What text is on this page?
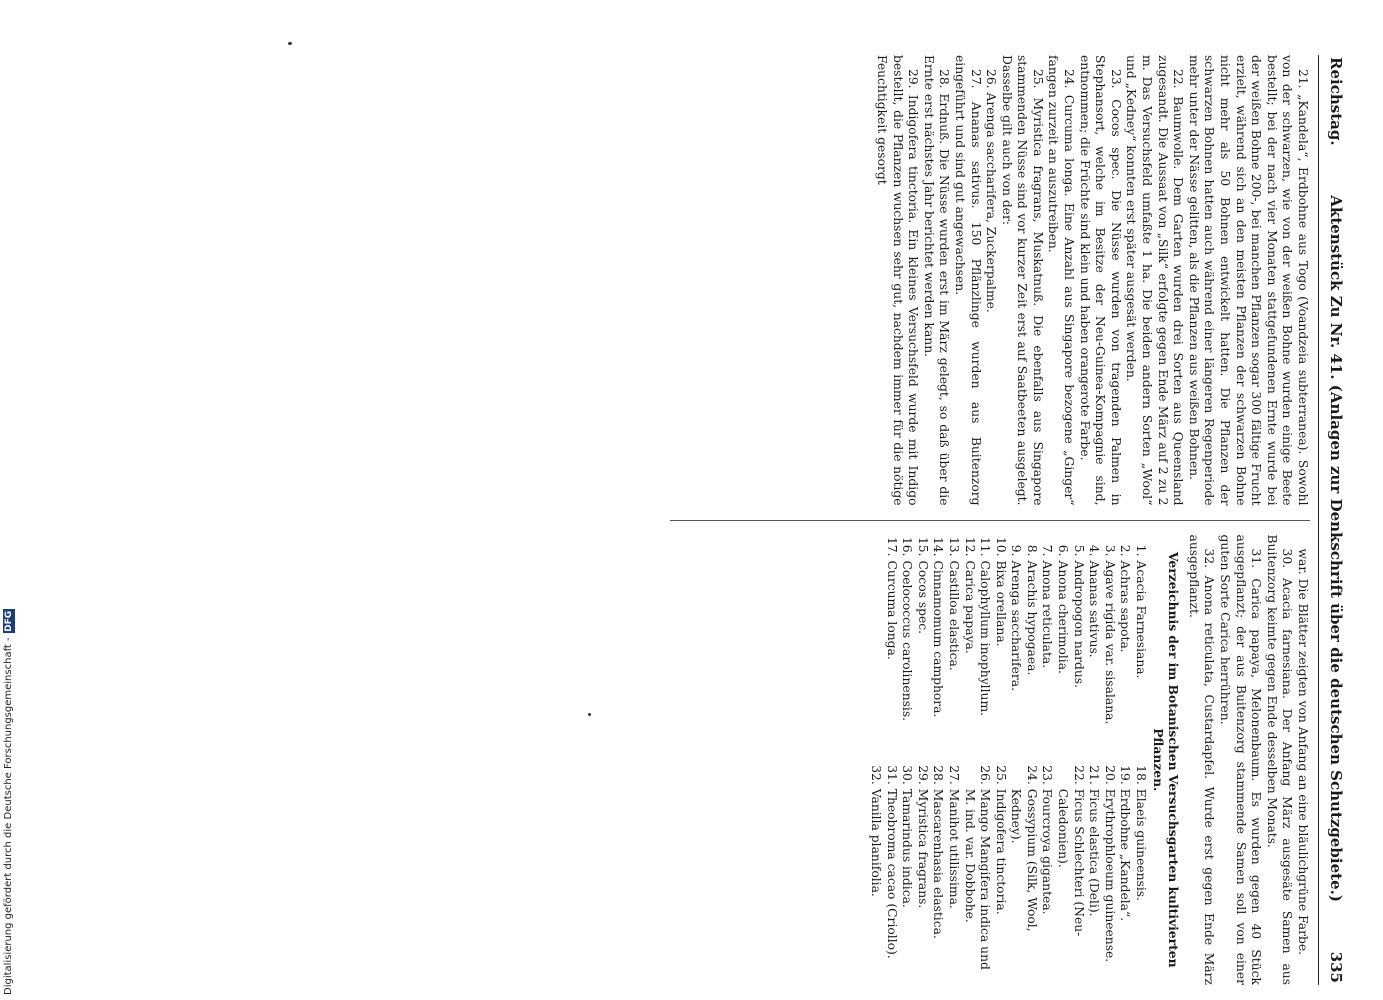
Digitalisierung gefördert durch die Deutsche Forschungsgemeinschaft -
DFG
Reichstag.
Aktenstück Zu Nr. 41. (Anlagen zur Denkschrift über die deutschen Schutzgebiete.)
335

21. „Kandela“, Erdbohne aus Togo (Voandzeia subterranea). Sowohl von der schwarzen, wie von der weißen Bohne wurden einige Beete bestellt; bei der nach vier Monaten stattgefundenen Ernte wurde bei der weißen Bohne 200-, bei manchen Pflanzen sogar 300 fältige Frucht erzielt, während sich an den meisten Pflanzen der schwarzen Bohne nicht mehr als 50 Bohnen entwickelt hatten. Die Pflanzen der schwarzen Bohnen hatten auch während einer längeren Regenperiode mehr unter der Nässe gelitten, als die Pflanzen aus weißen Bohnen.

22. Baumwolle. Dem Garten wurden drei Sorten aus Queensland zugesandt. Die Aussaat von „Silk“ erfolgte gegen Ende März auf 2 zu 2 m. Das Versuchsfeld umfaßte 1 ha. Die beiden andern Sorten „Wool“ und „Kedney“ konnten erst später ausgesät werden.

23. Cocos spec. Die Nüsse wurden von tragenden Palmen in Stephansort, welche im Besitze der Neu-Guinea-Kompagnie sind, entnommen; die Früchte sind klein und haben orangerote Farbe.

24. Curcuma longa. Eine Anzahl aus Singapore bezogene „Ginger“ fangen zurzeit an auszutreiben.

25. Myristica fragrans, Muskatnuß. Die ebenfalls aus Singapore stammenden Nüsse sind vor kurzer Zeit erst auf Saatbeeten ausgelegt. Dasselbe gilt auch von der:

26. Arenga saccharifera, Zuckerpalme.

27. Ananas sativus. 150 Pflänzlinge wurden aus Buitenzorg eingeführt und sind gut angewachsen.

28. Erdnuß. Die Nüsse wurden erst im März gelegt, so daß über die Ernte erst nächstes Jahr berichtet werden kann.

29. Indigofera tinctoria. Ein kleines Versuchsfeld wurde mit Indigo bestellt, die Pflanzen wuchsen sehr gut, nachdem immer für die nötige Feuchtigkeit gesorgt

war. Die Blätter zeigten von Anfang an eine bläulichgrüne Farbe.

30. Acacia farnesiana. Der Anfang März ausgesäte Samen aus Buitenzorg keimte gegen Ende desselben Monats.

31. Carica papaya, Melonenbaum. Es wurden gegen 40 Stück ausgepflanzt; der aus Buitenzorg stammende Samen soll von einer guten Sorte Carica herrühren.

32. Anona reticulata, Custardapfel. Wurde erst gegen Ende März ausgepflanzt.

Verzeichnis der im Botanischen Versuchsgarten kultivierten Pflanzen.

1.
Acacia Farnesiana.
2.
Achras sapota.
3.
Agave rigida var. sisalana.
4.
Ananas sativus.
5.
Andropogon nardus.
6.
Anona cherimolia.
7.
Anona reticulata.
8.
Arachis hypogaea.
9.
Arenga saccharifera.
10.
Bixa orellana.
11.
Calophyllum inophyllum.
12.
Carica papaya.
13.
Castilloa elastica.
14.
Cinnamomum camphora.
15.
Cocos spec.
16.
Coelococcus carolinensis.
17.
Curcuma longa.
18.
Elaeis guineensis.
19.
Erdbohne „Kandela“.
20.
Erythrophloeum guineense.
21.
Ficus elastica (Deli).
22.
Ficus Schlechteri (Neu-Caledonien).
23.
Fourcroya gigantea.
24.
Gossypium (Silk, Wool, Kedney).
25.
Indigofera tinctoria.
26.
Mango Mangifera indica und M. ind. var. Dobbohe.
27.
Manihot utilissima.
28.
Mascarenhasia elastica.
29.
Myristica fragrans.
30.
Tamarindus indica.
31.
Theobroma cacao (Criollo).
32.
Vanilla planifolia.
